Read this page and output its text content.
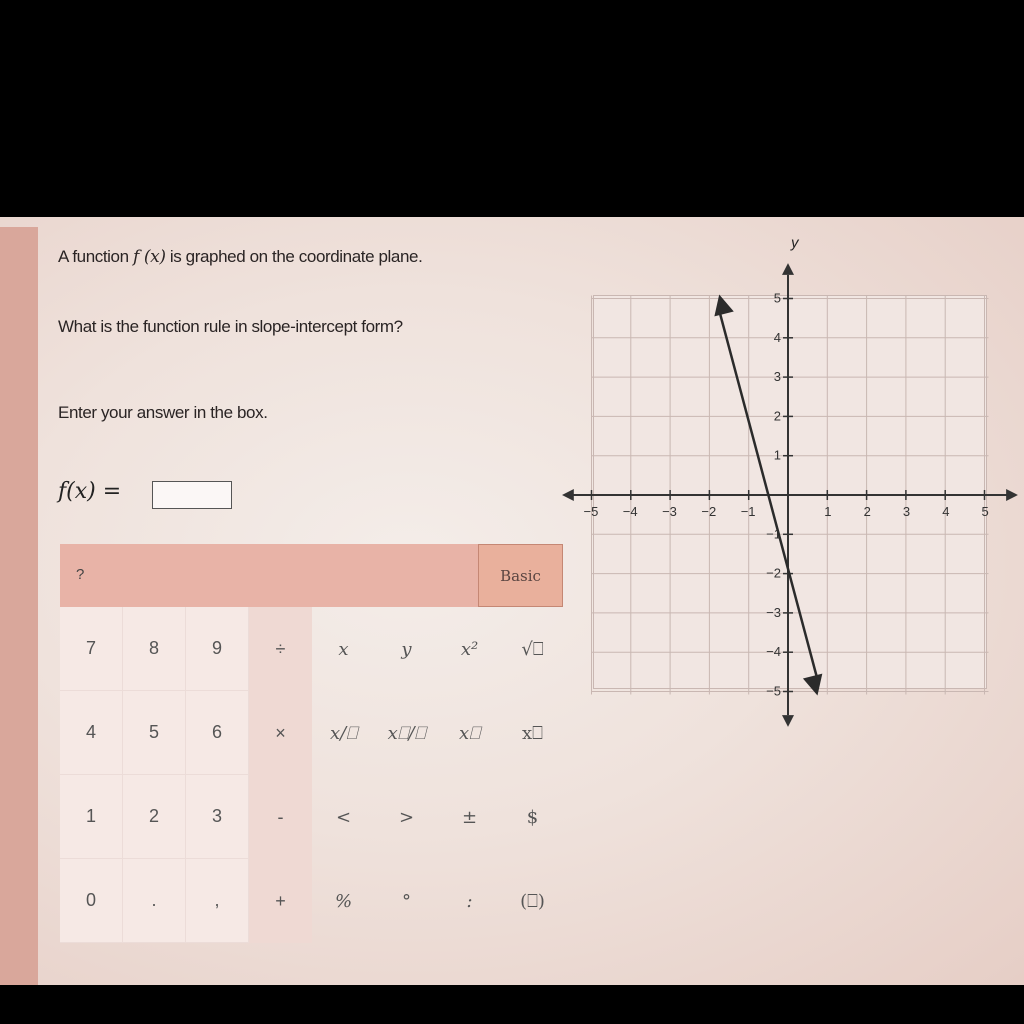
A function f (x) is graphed on the coordinate plane.
What is the function rule in slope-intercept form?
Enter your answer in the box.
f(x) =
?	Basic
7	8	9	÷	x	y	x²	√⎕
4	5	6	×	x/⎕	x⎕/⎕	x⎕	x⎕
1	2	3	-	<	>	±	$
0	.	,	+	%	°	:	(⎕)
y
−5 −4 −3 −2 −1	1 2 3 4 5
5
4
3
2
1
−1
−2
−3
−4
−5
